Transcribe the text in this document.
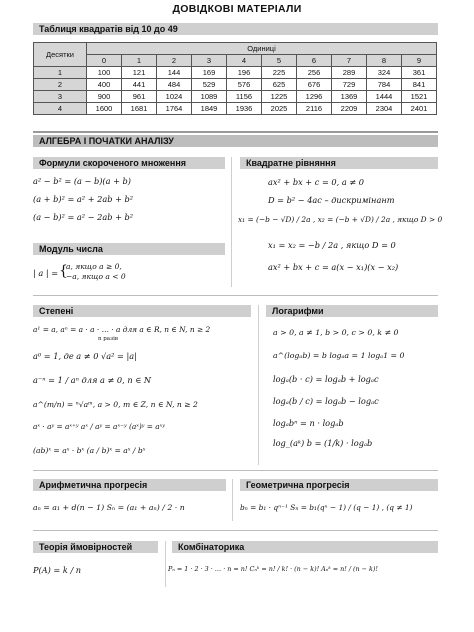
ДОВІДКОВІ МАТЕРІАЛИ
Таблиця квадратів від 10 до 49
Десятки	Одиниці									
	0	1	2	3	4	5	6	7	8	9
1	100	121	144	169	196	225	256	289	324	361
2	400	441	484	529	576	625	676	729	784	841
3	900	961	1024	1089	1156	1225	1296	1369	1444	1521
4	1600	1681	1764	1849	1936	2025	2116	2209	2304	2401
АЛГЕБРА І ПОЧАТКИ АНАЛІЗУ
Формули скороченого множення
a² − b² = (a − b)(a + b)
(a + b)² = a² + 2ab + b²
(a − b)² = a² − 2ab + b²
Квадратне рівняння
ax² + bx + c = 0, a ≠ 0
D = b² − 4ac – дискримінант
x₁ = (−b − √D) / 2a , x₂ = (−b + √D) / 2a , якщо D > 0
x₁ = x₂ = −b / 2a , якщо D = 0
ax² + bx + c = a(x − x₁)(x − x₂)
Модуль числа
| a | = {
a, якщо a ≥ 0,
−a, якщо a < 0
Степені
a¹ = a, aⁿ = a · a · … · a для a ∈ R, n ∈ N, n ≥ 2
n разів
a⁰ = 1, де a ≠ 0 √a² = |a|
a⁻ⁿ = 1 / aⁿ для a ≠ 0, n ∈ N
a^(m/n) = ⁿ√aᵐ, a > 0, m ∈ Z, n ∈ N, n ≥ 2
aˣ · aʸ = aˣ⁺ʸ aˣ / aʸ = aˣ⁻ʸ (aˣ)ʸ = aˣʸ
(ab)ˣ = aˣ · bˣ (a / b)ˣ = aˣ / bˣ
Логарифми
a > 0, a ≠ 1, b > 0, c > 0, k ≠ 0
a^(logₐb) = b logₐa = 1 logₐ1 = 0
logₐ(b · c) = logₐb + logₐc
logₐ(b / c) = logₐb − logₐc
logₐbⁿ = n · logₐb
log_(aᵏ) b = (1/k) · logₐb
Арифметична прогресія
aₙ = a₁ + d(n − 1) Sₙ = (a₁ + aₙ) / 2 · n
Геометрична прогресія
bₙ = b₁ · qⁿ⁻¹ Sₙ = b₁(qⁿ − 1) / (q − 1) , (q ≠ 1)
Теорія ймовірностей
P(A) = k / n
Комбінаторика
Pₙ = 1 · 2 · 3 · … · n = n! Cₙᵏ = n! / k! · (n − k)! Aₙᵏ = n! / (n − k)!
